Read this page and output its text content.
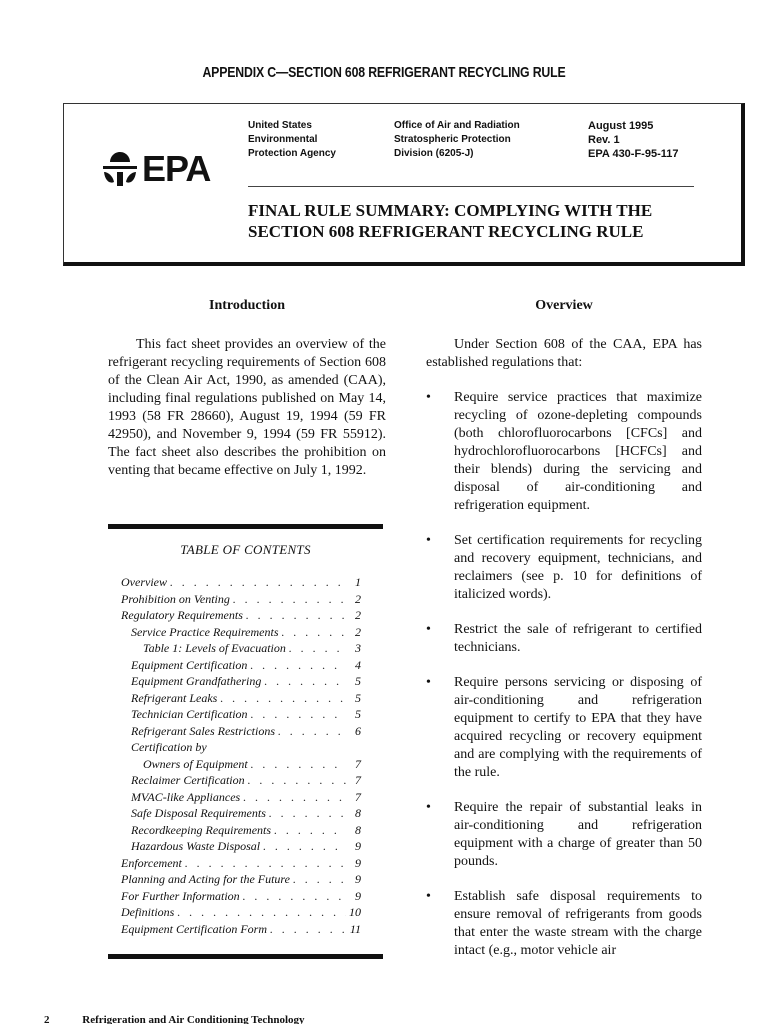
APPENDIX C—SECTION 608 REFRIGERANT RECYCLING RULE
EPA
United States
Environmental
Protection Agency
Office of Air and Radiation
Stratospheric Protection
Division (6205-J)
August 1995
Rev. 1
EPA 430-F-95-117
FINAL RULE SUMMARY: COMPLYING WITH THE
SECTION 608 REFRIGERANT RECYCLING RULE
Introduction

This fact sheet provides an overview of the refrigerant recycling requirements of Section 608 of the Clean Air Act, 1990, as amended (CAA), including final regulations published on May 14, 1993 (58 FR 28660), August 19, 1994 (59 FR 42950), and November 9, 1994 (59 FR 55912). The fact sheet also describes the prohibition on venting that became effective on July 1, 1992.

TABLE OF CONTENTS
Overview . . .	1
Prohibition on Venting . . .	2
Regulatory Requirements . . .	2
Service Practice Requirements . . .	2
Table 1: Levels of Evacuation . . .	3
Equipment Certification . . .	4
Equipment Grandfathering . . .	5
Refrigerant Leaks . . .	5
Technician Certification . . .	5
Refrigerant Sales Restrictions . . .	6
Certification by
Owners of Equipment . . .	7
Reclaimer Certification . . .	7
MVAC-like Appliances . . .	7
Safe Disposal Requirements . . .	8
Recordkeeping Requirements . . .	8
Hazardous Waste Disposal . . .	9
Enforcement . . .	9
Planning and Acting for the Future . . .	9
For Further Information . . .	9
Definitions . . .	10
Equipment Certification Form . . .	11
Overview

Under Section 608 of the CAA, EPA has established regulations that:

• Require service practices that maximize recycling of ozone-depleting compounds (both chlorofluorocarbons [CFCs] and hydrochlorofluorocarbons [HCFCs] and their blends) during the servicing and disposal of air-conditioning and refrigeration equipment.
• Set certification requirements for recycling and recovery equipment, technicians, and reclaimers (see p. 10 for definitions of italicized words).
• Restrict the sale of refrigerant to certified technicians.
• Require persons servicing or disposing of air-conditioning and refrigeration equipment to certify to EPA that they have acquired recycling or recovery equipment and are complying with the requirements of the rule.
• Require the repair of substantial leaks in air-conditioning and refrigeration equipment with a charge of greater than 50 pounds.
• Establish safe disposal requirements to ensure removal of refrigerants from goods that enter the waste stream with the charge intact (e.g., motor vehicle air
2	Refrigeration and Air Conditioning Technology
